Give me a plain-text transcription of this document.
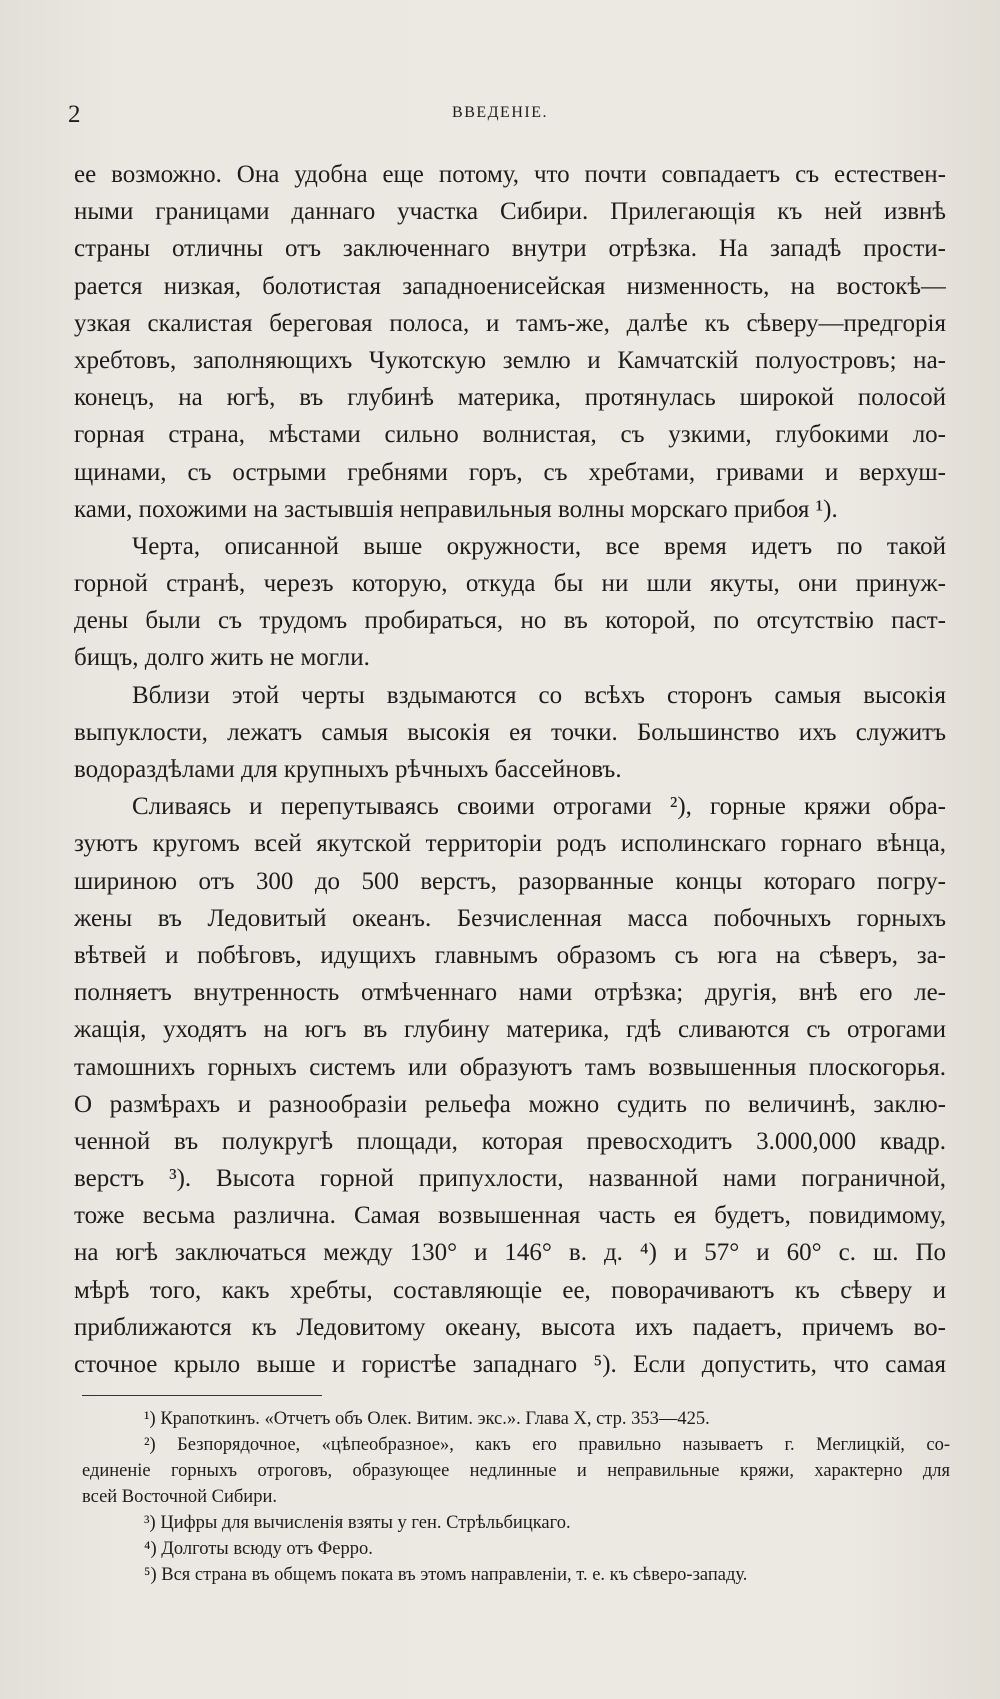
2	ВВЕДЕНІЕ.
ее возможно. Она удобна еще потому, что почти совпадаетъ съ естествен-
ными границами даннаго участка Сибири. Прилегающія къ ней извнѣ
страны отличны отъ заключеннаго внутри отрѣзка. На западѣ прости-
рается низкая, болотистая западноенисейская низменность, на востокѣ—
узкая скалистая береговая полоса, и тамъ-же, далѣе къ сѣверу—предгорія
хребтовъ, заполняющихъ Чукотскую землю и Камчатскій полуостровъ; на-
конецъ, на югѣ, въ глубинѣ материка, протянулась широкой полосой
горная страна, мѣстами сильно волнистая, съ узкими, глубокими ло-
щинами, съ острыми гребнями горъ, съ хребтами, гривами и верхуш-
ками, похожими на застывшія неправильныя волны морскаго прибоя ¹).
Черта, описанной выше окружности, все время идетъ по такой
горной странѣ, черезъ которую, откуда бы ни шли якуты, они принуж-
дены были съ трудомъ пробираться, но въ которой, по отсутствію паст-
бищъ, долго жить не могли.
Вблизи этой черты вздымаются со всѣхъ сторонъ самыя высокія
выпуклости, лежатъ самыя высокія ея точки. Большинство ихъ служитъ
водораздѣлами для крупныхъ рѣчныхъ бассейновъ.
Сливаясь и перепутываясь своими отрогами ²), горные кряжи обра-
зуютъ кругомъ всей якутской территоріи родъ исполинскаго горнаго вѣнца,
шириною отъ 300 до 500 верстъ, разорванные концы котораго погру-
жены въ Ледовитый океанъ. Безчисленная масса побочныхъ горныхъ
вѣтвей и побѣговъ, идущихъ главнымъ образомъ съ юга на сѣверъ, за-
полняетъ внутренность отмѣченнаго нами отрѣзка; другія, внѣ его ле-
жащія, уходятъ на югъ въ глубину материка, гдѣ сливаются съ отрогами
тамошнихъ горныхъ системъ или образуютъ тамъ возвышенныя плоскогорья.
О размѣрахъ и разнообразіи рельефа можно судить по величинѣ, заклю-
ченной въ полукругѣ площади, которая превосходитъ 3.000,000 квадр.
верстъ ³). Высота горной припухлости, названной нами пограничной,
тоже весьма различна. Самая возвышенная часть ея будетъ, повидимому,
на югѣ заключаться между 130° и 146° в. д. ⁴) и 57° и 60° с. ш. По
мѣрѣ того, какъ хребты, составляющіе ее, поворачиваютъ къ сѣверу и
приближаются къ Ледовитому океану, высота ихъ падаетъ, причемъ во-
сточное крыло выше и гористѣе западнаго ⁵). Если допустить, что самая
¹) Крапоткинъ. «Отчетъ объ Олек. Витим. экс.». Глава X, стр. 353—425.
²) Безпорядочное, «цѣпеобразное», какъ его правильно называетъ г. Меглицкій, со-
единеніе горныхъ отроговъ, образующее недлинные и неправильные кряжи, характерно для
всей Восточной Сибири.
³) Цифры для вычисленія взяты у ген. Стрѣльбицкаго.
⁴) Долготы всюду отъ Ферро.
⁵) Вся страна въ общемъ поката въ этомъ направленіи, т. е. къ сѣверо-западу.
